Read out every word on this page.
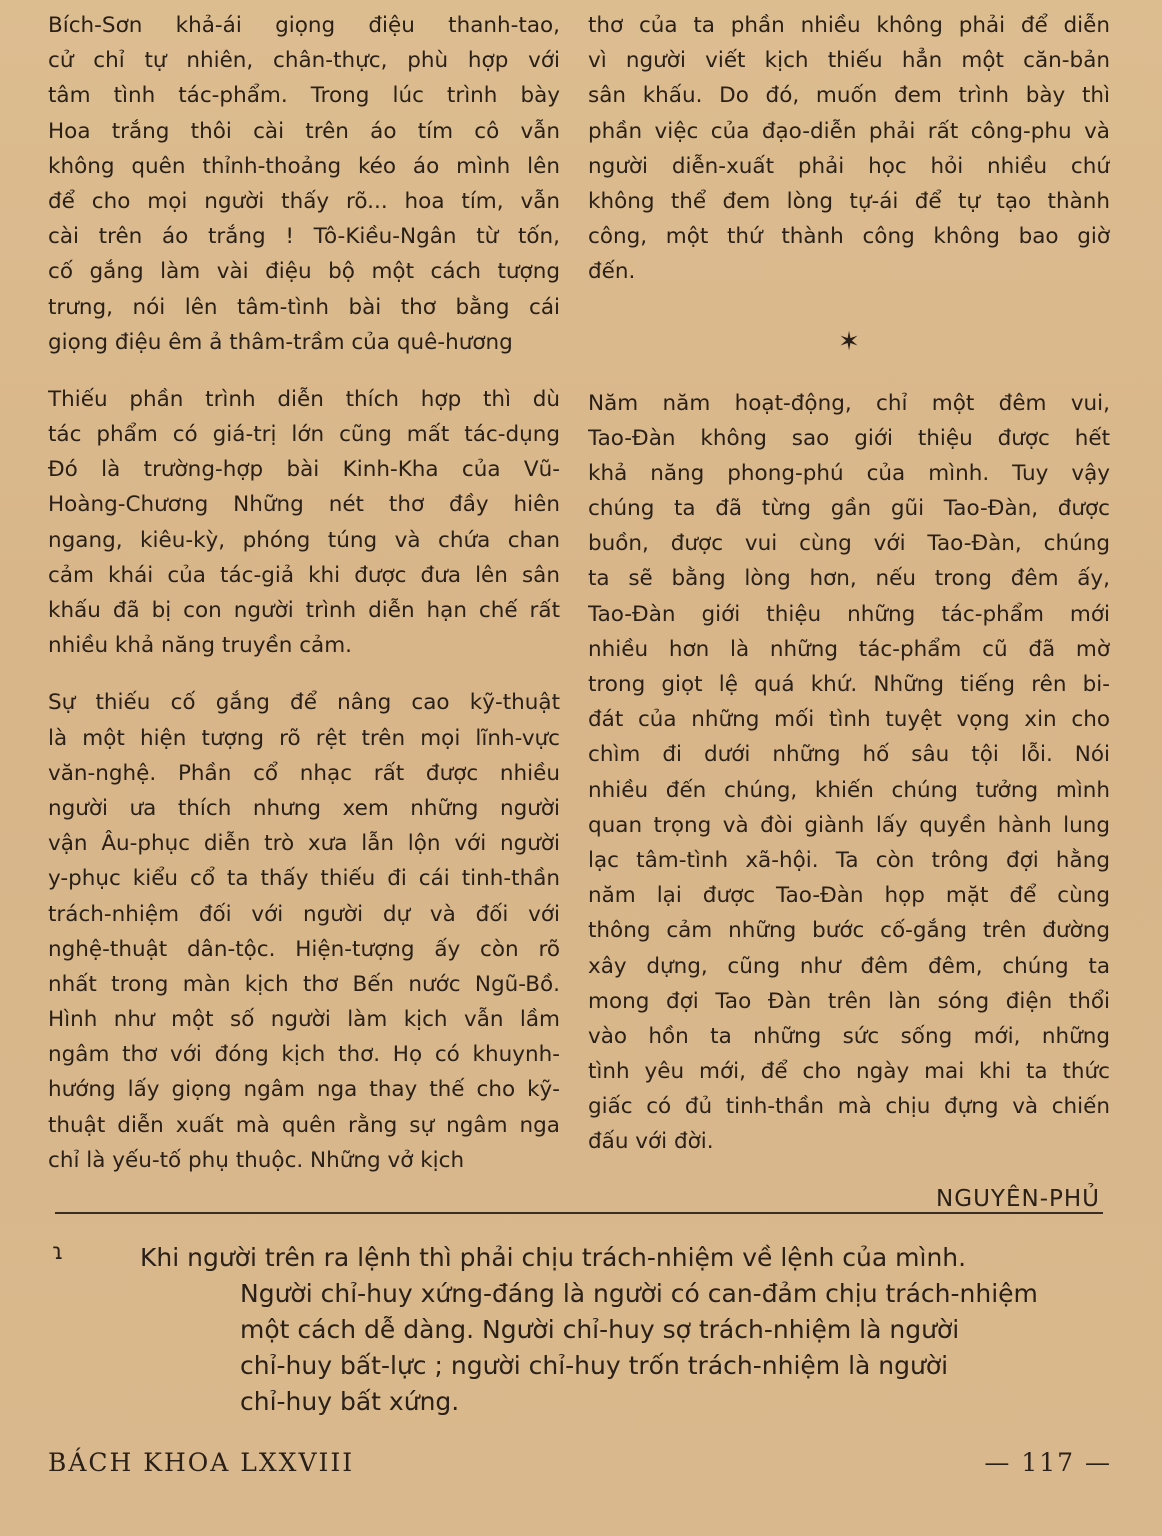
Bích-Sơn khả-ái giọng điệu thanh-tao,
cử chỉ tự nhiên, chân-thực, phù hợp với
tâm tình tác-phẩm. Trong lúc trình bày
Hoa trắng thôi cài trên áo tím cô vẫn
không quên thỉnh-thoảng kéo áo mình lên
để cho mọi người thấy rõ... hoa tím, vẫn
cài trên áo trắng ! Tô-Kiều-Ngân từ tốn,
cố gắng làm vài điệu bộ một cách tượng
trưng, nói lên tâm-tình bài thơ bằng cái
giọng điệu êm ả thâm-trầm của quê-hương

Thiếu phần trình diễn thích hợp thì dù
tác phẩm có giá-trị lớn cũng mất tác-dụng
Đó là trường-hợp bài Kinh-Kha của Vũ-
Hoàng-Chương Những nét thơ đầy hiên
ngang, kiêu-kỳ, phóng túng và chứa chan
cảm khái của tác-giả khi được đưa lên sân
khấu đã bị con người trình diễn hạn chế rất
nhiều khả năng truyền cảm.

Sự thiếu cố gắng để nâng cao kỹ-thuật
là một hiện tượng rõ rệt trên mọi lĩnh-vực
văn-nghệ. Phần cổ nhạc rất được nhiều
người ưa thích nhưng xem những người
vận Âu-phục diễn trò xưa lẫn lộn với người
y-phục kiểu cổ ta thấy thiếu đi cái tinh-thần
trách-nhiệm đối với người dự và đối với
nghệ-thuật dân-tộc. Hiện-tượng ấy còn rõ
nhất trong màn kịch thơ Bến nước Ngũ-Bồ.
Hình như một số người làm kịch vẫn lầm
ngâm thơ với đóng kịch thơ. Họ có khuynh-
hướng lấy giọng ngâm nga thay thế cho kỹ-
thuật diễn xuất mà quên rằng sự ngâm nga
chỉ là yếu-tố phụ thuộc. Những vở kịch

thơ của ta phần nhiều không phải để diễn
vì người viết kịch thiếu hẳn một căn-bản
sân khấu. Do đó, muốn đem trình bày thì
phần việc của đạo-diễn phải rất công-phu và
người diễn-xuất phải học hỏi nhiều chứ
không thể đem lòng tự-ái để tự tạo thành
công, một thứ thành công không bao giờ
đến.

✶

Năm năm hoạt-động, chỉ một đêm vui,
Tao-Đàn không sao giới thiệu được hết
khả năng phong-phú của mình. Tuy vậy
chúng ta đã từng gần gũi Tao-Đàn, được
buồn, được vui cùng với Tao-Đàn, chúng
ta sẽ bằng lòng hơn, nếu trong đêm ấy,
Tao-Đàn giới thiệu những tác-phẩm mới
nhiều hơn là những tác-phẩm cũ đã mờ
trong giọt lệ quá khứ. Những tiếng rên bi-
đát của những mối tình tuyệt vọng xin cho
chìm đi dưới những hố sâu tội lỗi. Nói
nhiều đến chúng, khiến chúng tưởng mình
quan trọng và đòi giành lấy quyền hành lung
lạc tâm-tình xã-hội. Ta còn trông đợi hằng
năm lại được Tao-Đàn họp mặt để cùng
thông cảm những bước cố-gắng trên đường
xây dựng, cũng như đêm đêm, chúng ta
mong đợi Tao Đàn trên làn sóng điện thổi
vào hồn ta những sức sống mới, những
tình yêu mới, để cho ngày mai khi ta thức
giấc có đủ tinh-thần mà chịu đựng và chiến
đấu với đời.

NGUYÊN-PHỦ
ɿ	Khi người trên ra lệnh thì phải chịu trách-nhiệm về lệnh của mình.
Người chỉ-huy xứng-đáng là người có can-đảm chịu trách-nhiệm
một cách dễ dàng. Người chỉ-huy sợ trách-nhiệm là người
chỉ-huy bất-lực ; người chỉ-huy trốn trách-nhiệm là người
chỉ-huy bất xứng.
BÁCH KHOA LXXVIII	— 117 —
